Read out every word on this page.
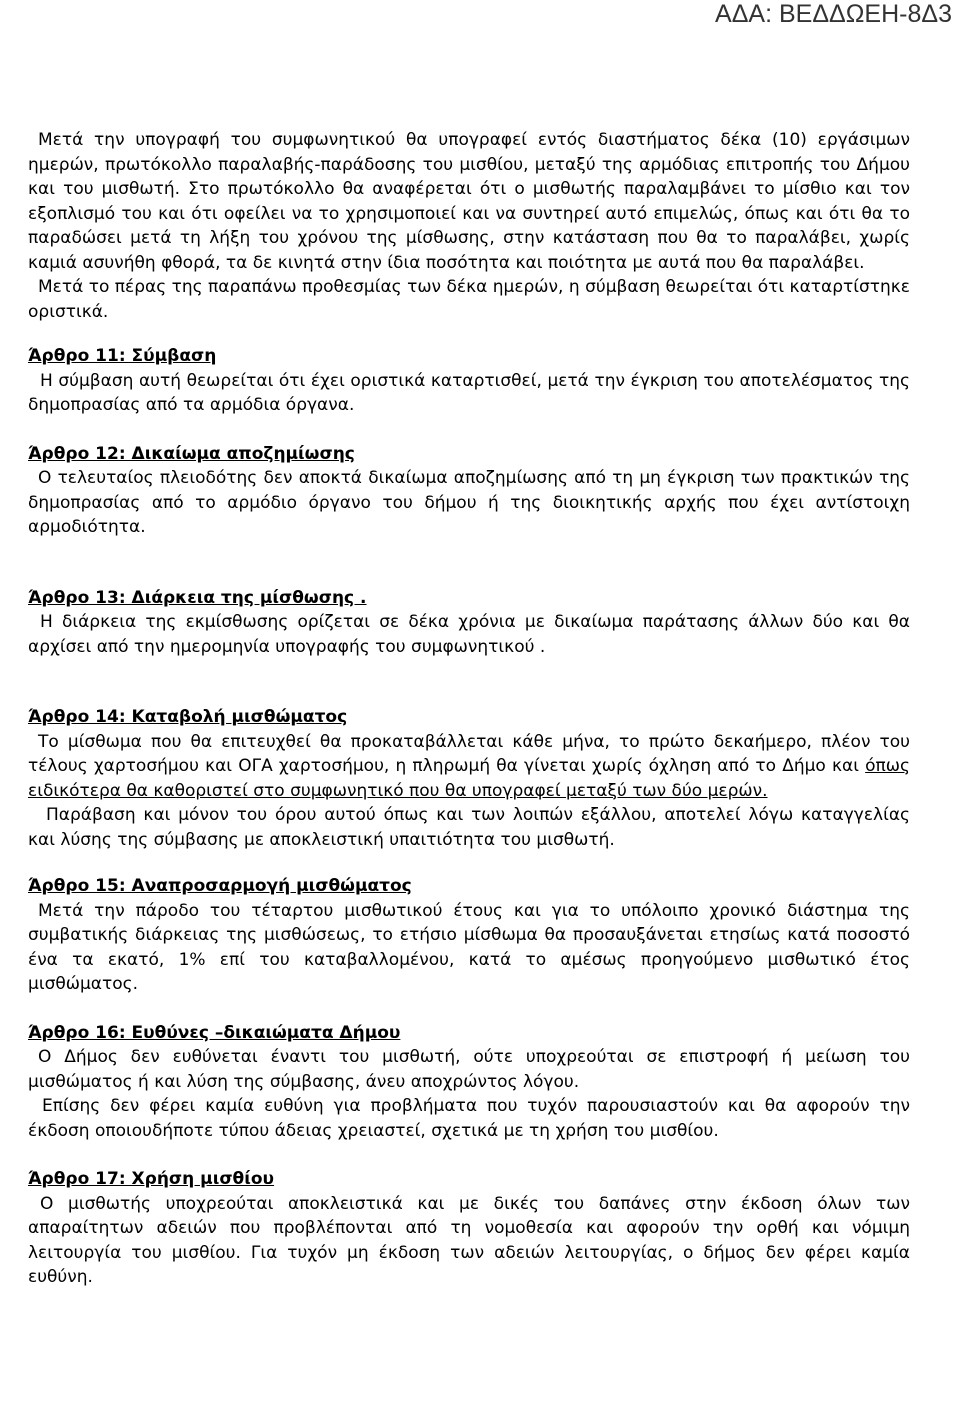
ΑΔΑ: ΒΕΔΔΩΕΗ-8Δ3

Μετά την υπογραφή του συμφωνητικού θα υπογραφεί εντός διαστήματος δέκα (10) εργάσιμων ημερών, πρωτόκολλο παραλαβής-παράδοσης του μισθίου, μεταξύ της αρμόδιας επιτροπής του Δήμου και του μισθωτή. Στο πρωτόκολλο θα αναφέρεται ότι ο μισθωτής παραλαμβάνει το μίσθιο και τον εξοπλισμό του και ότι οφείλει να το χρησιμοποιεί και να συντηρεί αυτό επιμελώς, όπως και ότι θα το παραδώσει μετά τη λήξη του χρόνου της μίσθωσης, στην κατάσταση που θα το παραλάβει, χωρίς καμιά ασυνήθη φθορά, τα δε κινητά στην ίδια ποσότητα και ποιότητα με αυτά που θα παραλάβει.

Μετά το πέρας της παραπάνω προθεσμίας των δέκα ημερών, η σύμβαση θεωρείται ότι καταρτίστηκε οριστικά.

Άρθρο 11: Σύμβαση

Η σύμβαση αυτή θεωρείται ότι έχει οριστικά καταρτισθεί, μετά την έγκριση του αποτελέσματος της δημοπρασίας από τα αρμόδια όργανα.

Άρθρο 12: Δικαίωμα αποζημίωσης

Ο τελευταίος πλειοδότης δεν αποκτά δικαίωμα αποζημίωσης από τη μη έγκριση των πρακτικών της δημοπρασίας από το αρμόδιο όργανο του δήμου ή της διοικητικής αρχής που έχει αντίστοιχη αρμοδιότητα.

Άρθρο 13: Διάρκεια της μίσθωσης .

Η διάρκεια της εκμίσθωσης ορίζεται σε δέκα χρόνια με δικαίωμα παράτασης άλλων δύο και θα αρχίσει από την ημερομηνία υπογραφής του συμφωνητικού .

Άρθρο 14: Καταβολή μισθώματος

Το μίσθωμα που θα επιτευχθεί θα προκαταβάλλεται κάθε μήνα, το πρώτο δεκαήμερο, πλέον του τέλους χαρτοσήμου και ΟΓΑ χαρτοσήμου, η πληρωμή θα γίνεται χωρίς όχληση από το Δήμο και όπως ειδικότερα θα καθοριστεί στο συμφωνητικό που θα υπογραφεί μεταξύ των δύο μερών.

Παράβαση και μόνον του όρου αυτού όπως και των λοιπών εξάλλου, αποτελεί λόγω καταγγελίας και λύσης της σύμβασης με αποκλειστική υπαιτιότητα του μισθωτή.

Άρθρο 15: Αναπροσαρμογή μισθώματος

Μετά την πάροδο του τέταρτου μισθωτικού έτους και για το υπόλοιπο χρονικό διάστημα της συμβατικής διάρκειας της μισθώσεως, το ετήσιο μίσθωμα θα προσαυξάνεται ετησίως κατά ποσοστό ένα τα εκατό, 1% επί του καταβαλλομένου, κατά το αμέσως προηγούμενο μισθωτικό έτος μισθώματος.

Άρθρο 16: Ευθύνες –δικαιώματα Δήμου

Ο Δήμος δεν ευθύνεται έναντι του μισθωτή, ούτε υποχρεούται σε επιστροφή ή μείωση του μισθώματος ή και λύση της σύμβασης, άνευ αποχρώντος λόγου.

Επίσης δεν φέρει καμία ευθύνη για προβλήματα που τυχόν παρουσιαστούν και θα αφορούν την έκδοση οποιουδήποτε τύπου άδειας χρειαστεί, σχετικά με τη χρήση του μισθίου.

Άρθρο 17: Χρήση μισθίου

Ο μισθωτής υποχρεούται αποκλειστικά και με δικές του δαπάνες στην έκδοση όλων των απαραίτητων αδειών που προβλέπονται από τη νομοθεσία και αφορούν την ορθή και νόμιμη λειτουργία του μισθίου. Για τυχόν μη έκδοση των αδειών λειτουργίας, ο δήμος δεν φέρει καμία ευθύνη.
